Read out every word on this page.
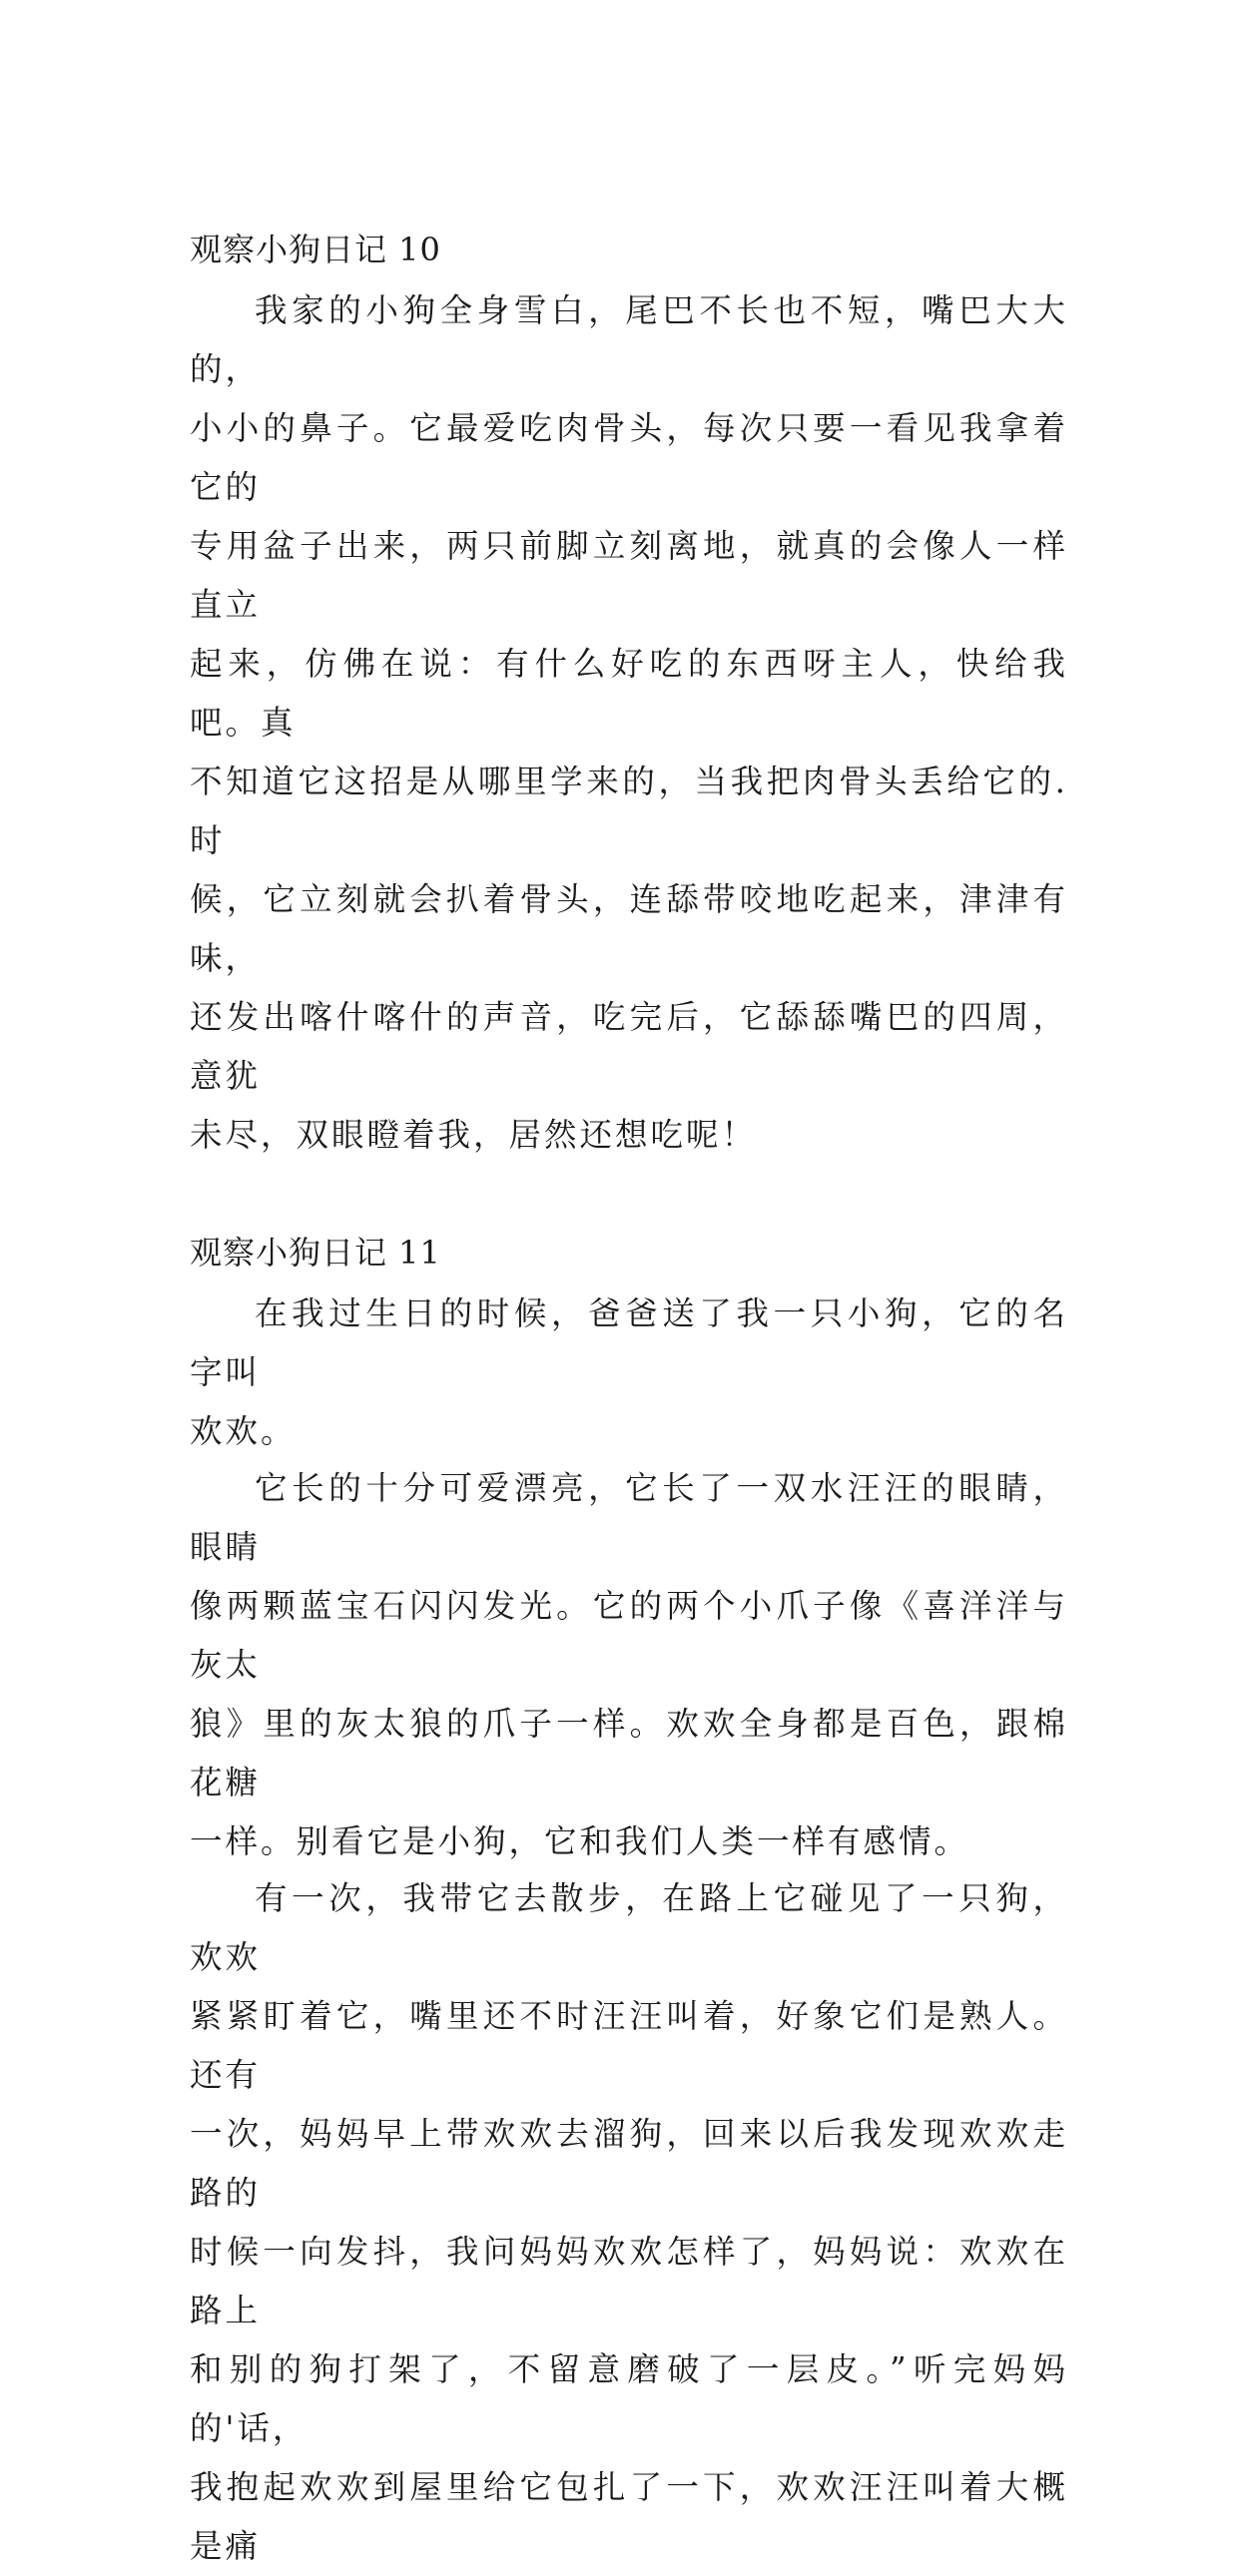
观察小狗日记 10

我家的小狗全身雪白，尾巴不长也不短，嘴巴大大的，
小小的鼻子。它最爱吃肉骨头，每次只要一看见我拿着它的
专用盆子出来，两只前脚立刻离地，就真的会像人一样直立
起来，仿佛在说：有什么好吃的东西呀主人，快给我吧。真
不知道它这招是从哪里学来的，当我把肉骨头丢给它的.时
候，它立刻就会扒着骨头，连舔带咬地吃起来，津津有味，
还发出喀什喀什的声音，吃完后，它舔舔嘴巴的四周，意犹
未尽，双眼瞪着我，居然还想吃呢！

观察小狗日记 11

在我过生日的时候，爸爸送了我一只小狗，它的名字叫
欢欢。

它长的十分可爱漂亮，它长了一双水汪汪的眼睛，眼睛
像两颗蓝宝石闪闪发光。它的两个小爪子像《喜洋洋与灰太
狼》里的灰太狼的爪子一样。欢欢全身都是百色，跟棉花糖
一样。别看它是小狗，它和我们人类一样有感情。

有一次，我带它去散步，在路上它碰见了一只狗，欢欢
紧紧盯着它，嘴里还不时汪汪叫着，好象它们是熟人。还有
一次，妈妈早上带欢欢去溜狗，回来以后我发现欢欢走路的
时候一向发抖，我问妈妈欢欢怎样了，妈妈说：欢欢在路上
和别的狗打架了，不留意磨破了一层皮。”听完妈妈的'话，
我抱起欢欢到屋里给它包扎了一下，欢欢汪汪叫着大概是痛
